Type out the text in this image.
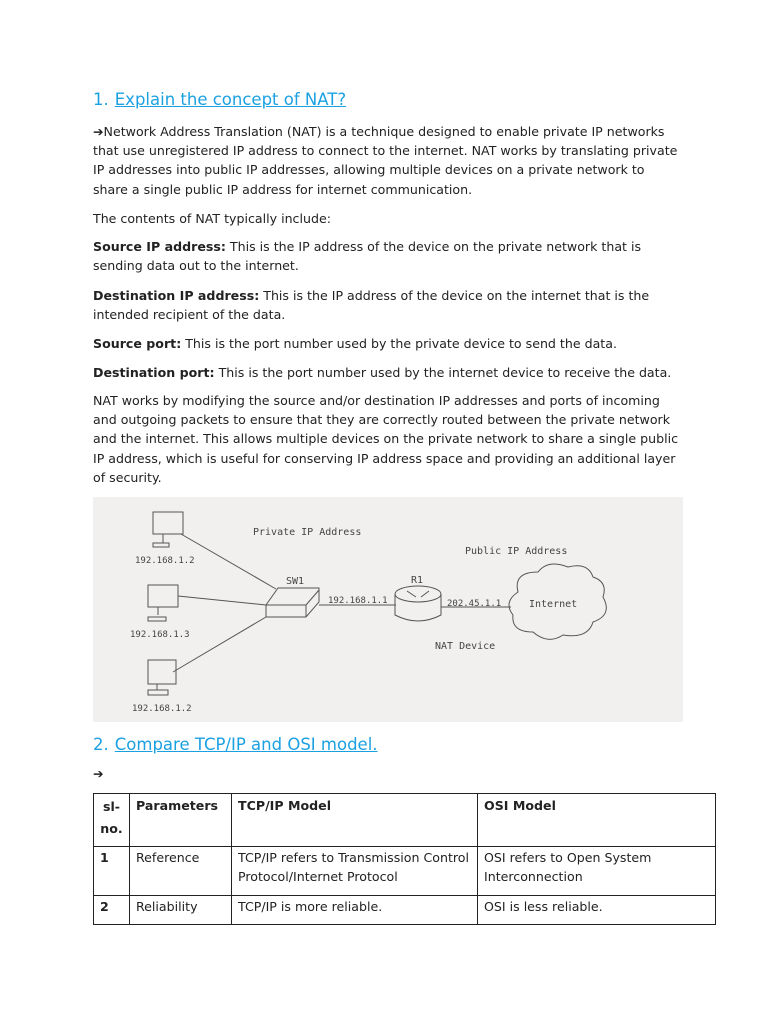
1. Explain the concept of NAT?

➔Network Address Translation (NAT) is a technique designed to enable private IP networks that use unregistered IP address to connect to the internet. NAT works by translating private IP addresses into public IP addresses, allowing multiple devices on a private network to share a single public IP address for internet communication.

The contents of NAT typically include:

Source IP address: This is the IP address of the device on the private network that is sending data out to the internet.

Destination IP address: This is the IP address of the device on the internet that is the intended recipient of the data.

Source port: This is the port number used by the private device to send the data.

Destination port: This is the port number used by the internet device to receive the data.

NAT works by modifying the source and/or destination IP addresses and ports of incoming and outgoing packets to ensure that they are correctly routed between the private network and the internet. This allows multiple devices on the private network to share a single public IP address, which is useful for conserving IP address space and providing an additional layer of security.

Private IP Address
Public IP Address
192.168.1.2
192.168.1.3
192.168.1.2
SW1
192.168.1.1
R1
202.45.1.1
NAT Device
Internet
2. Compare TCP/IP and OSI model.

➔

sl-no.	Parameters	TCP/IP Model	OSI Model
1	Reference	TCP/IP refers to Transmission Control Protocol/Internet Protocol	OSI refers to Open System Interconnection
2	Reliability	TCP/IP is more reliable.	OSI is less reliable.
